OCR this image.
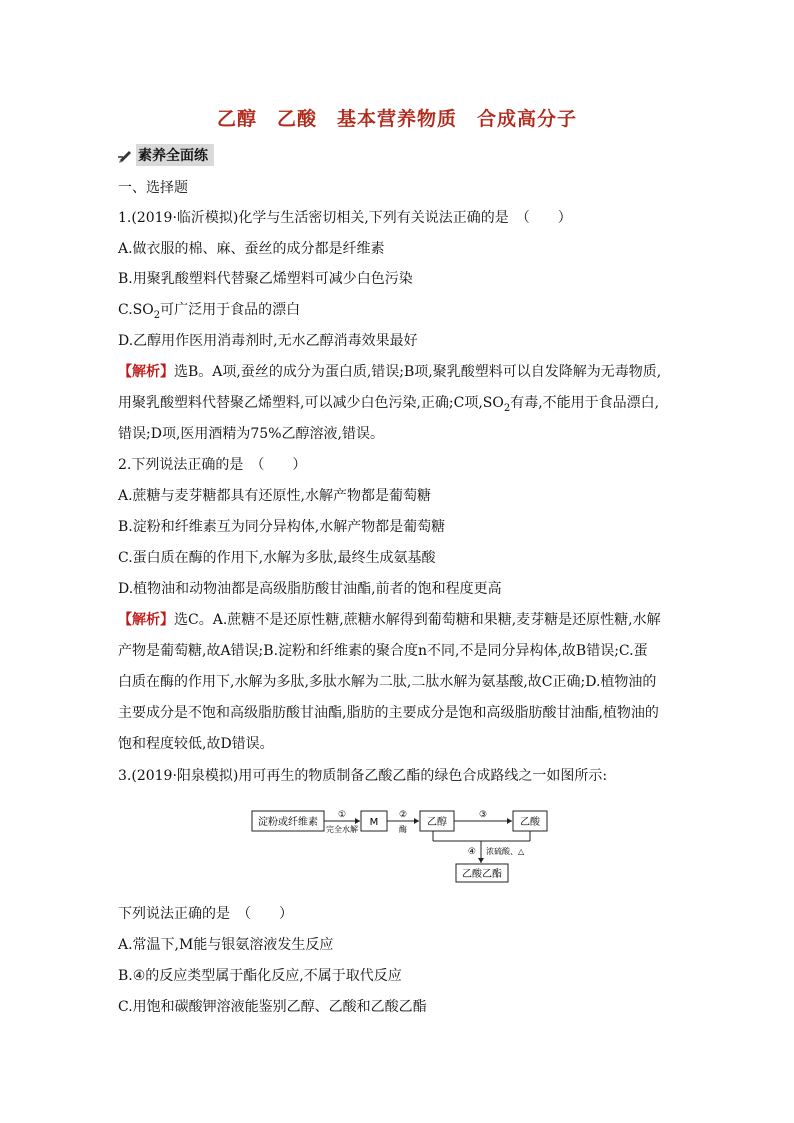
乙醇　乙酸　基本营养物质　合成高分子
素养全面练
一、选择题
1.(2019·临沂模拟)化学与生活密切相关,下列有关说法正确的是　（　　）
A.做衣服的棉、麻、蚕丝的成分都是纤维素
B.用聚乳酸塑料代替聚乙烯塑料可减少白色污染
$C.SO_2$可广泛用于食品的漂白
D.乙醇用作医用消毒剂时,无水乙醇消毒效果最好
【解析】选B。A项,蚕丝的成分为蛋白质,错误;B项,聚乳酸塑料可以自发降解为无毒物质,
用聚乳酸塑料代替聚乙烯塑料,可以减少白色污染,正确;C项$,SO_2$有毒,不能用于食品漂白,
错误;D项,医用酒精为75%乙醇溶液,错误。
2.下列说法正确的是　（　　）
A.蔗糖与麦芽糖都具有还原性,水解产物都是葡萄糖
B.淀粉和纤维素互为同分异构体,水解产物都是葡萄糖
C.蛋白质在酶的作用下,水解为多肽,最终生成氨基酸
D.植物油和动物油都是高级脂肪酸甘油酯,前者的饱和程度更高
【解析】选C。A.蔗糖不是还原性糖,蔗糖水解得到葡萄糖和果糖,麦芽糖是还原性糖,水解
产物是葡萄糖,故A错误;B.淀粉和纤维素的聚合度n不同,不是同分异构体,故B错误;C.蛋
白质在酶的作用下,水解为多肽,多肽水解为二肽,二肽水解为氨基酸,故C正确;D.植物油的
主要成分是不饱和高级脂肪酸甘油酯,脂肪的主要成分是饱和高级脂肪酸甘油酯,植物油的
饱和程度较低,故D错误。
3.(2019·阳泉模拟)用可再生的物质制备乙酸乙酯的绿色合成路线之一如图所示:
淀粉或纤维素
①
完全水解
M
②
酶
乙醇
③
乙酸
④ 浓硫酸、△
乙酸乙酯
下列说法正确的是　（　　）
A.常温下,M能与银氨溶液发生反应
B.④的反应类型属于酯化反应,不属于取代反应
C.用饱和碳酸钾溶液能鉴别乙醇、乙酸和乙酸乙酯
